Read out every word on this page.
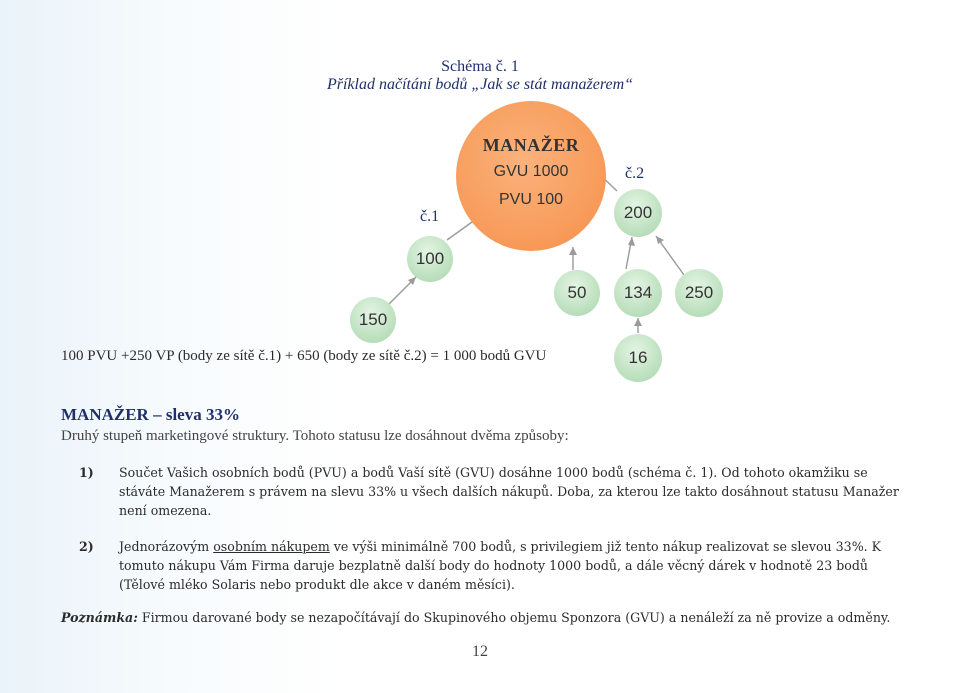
Schéma č. 1
Příklad načítání bodů „Jak se stát manažerem“
MANAŽER
GVU 1000
PVU 100
č.1
č.2
100
150
50
200
134	250
16
100 PVU +250 VP (body ze sítě č.1) + 650 (body ze sítě č.2) = 1 000 bodů GVU
MANAŽER – sleva 33%
Druhý stupeň marketingové struktury. Tohoto statusu lze dosáhnout dvěma způsoby:
1) Součet Vašich osobních bodů (PVU) a bodů Vaší sítě (GVU) dosáhne 1000 bodů (schéma č. 1). Od tohoto okamžiku se stáváte Manažerem s právem na slevu 33% u všech dalších nákupů. Doba, za kterou lze takto dosáhnout statusu Manažer není omezena.
2) Jednorázovým osobním nákupem ve výši minimálně 700 bodů, s privilegiem již tento nákup realizovat se slevou 33%. K tomuto nákupu Vám Firma daruje bezplatně další body do hodnoty 1000 bodů, a dále věcný dárek v hodnotě 23 bodů (Tělové mléko Solaris nebo produkt dle akce v daném měsíci).
Poznámka: Firmou darované body se nezapočítávají do Skupinového objemu Sponzora (GVU) a nenáleží za ně provize a odměny.
12
